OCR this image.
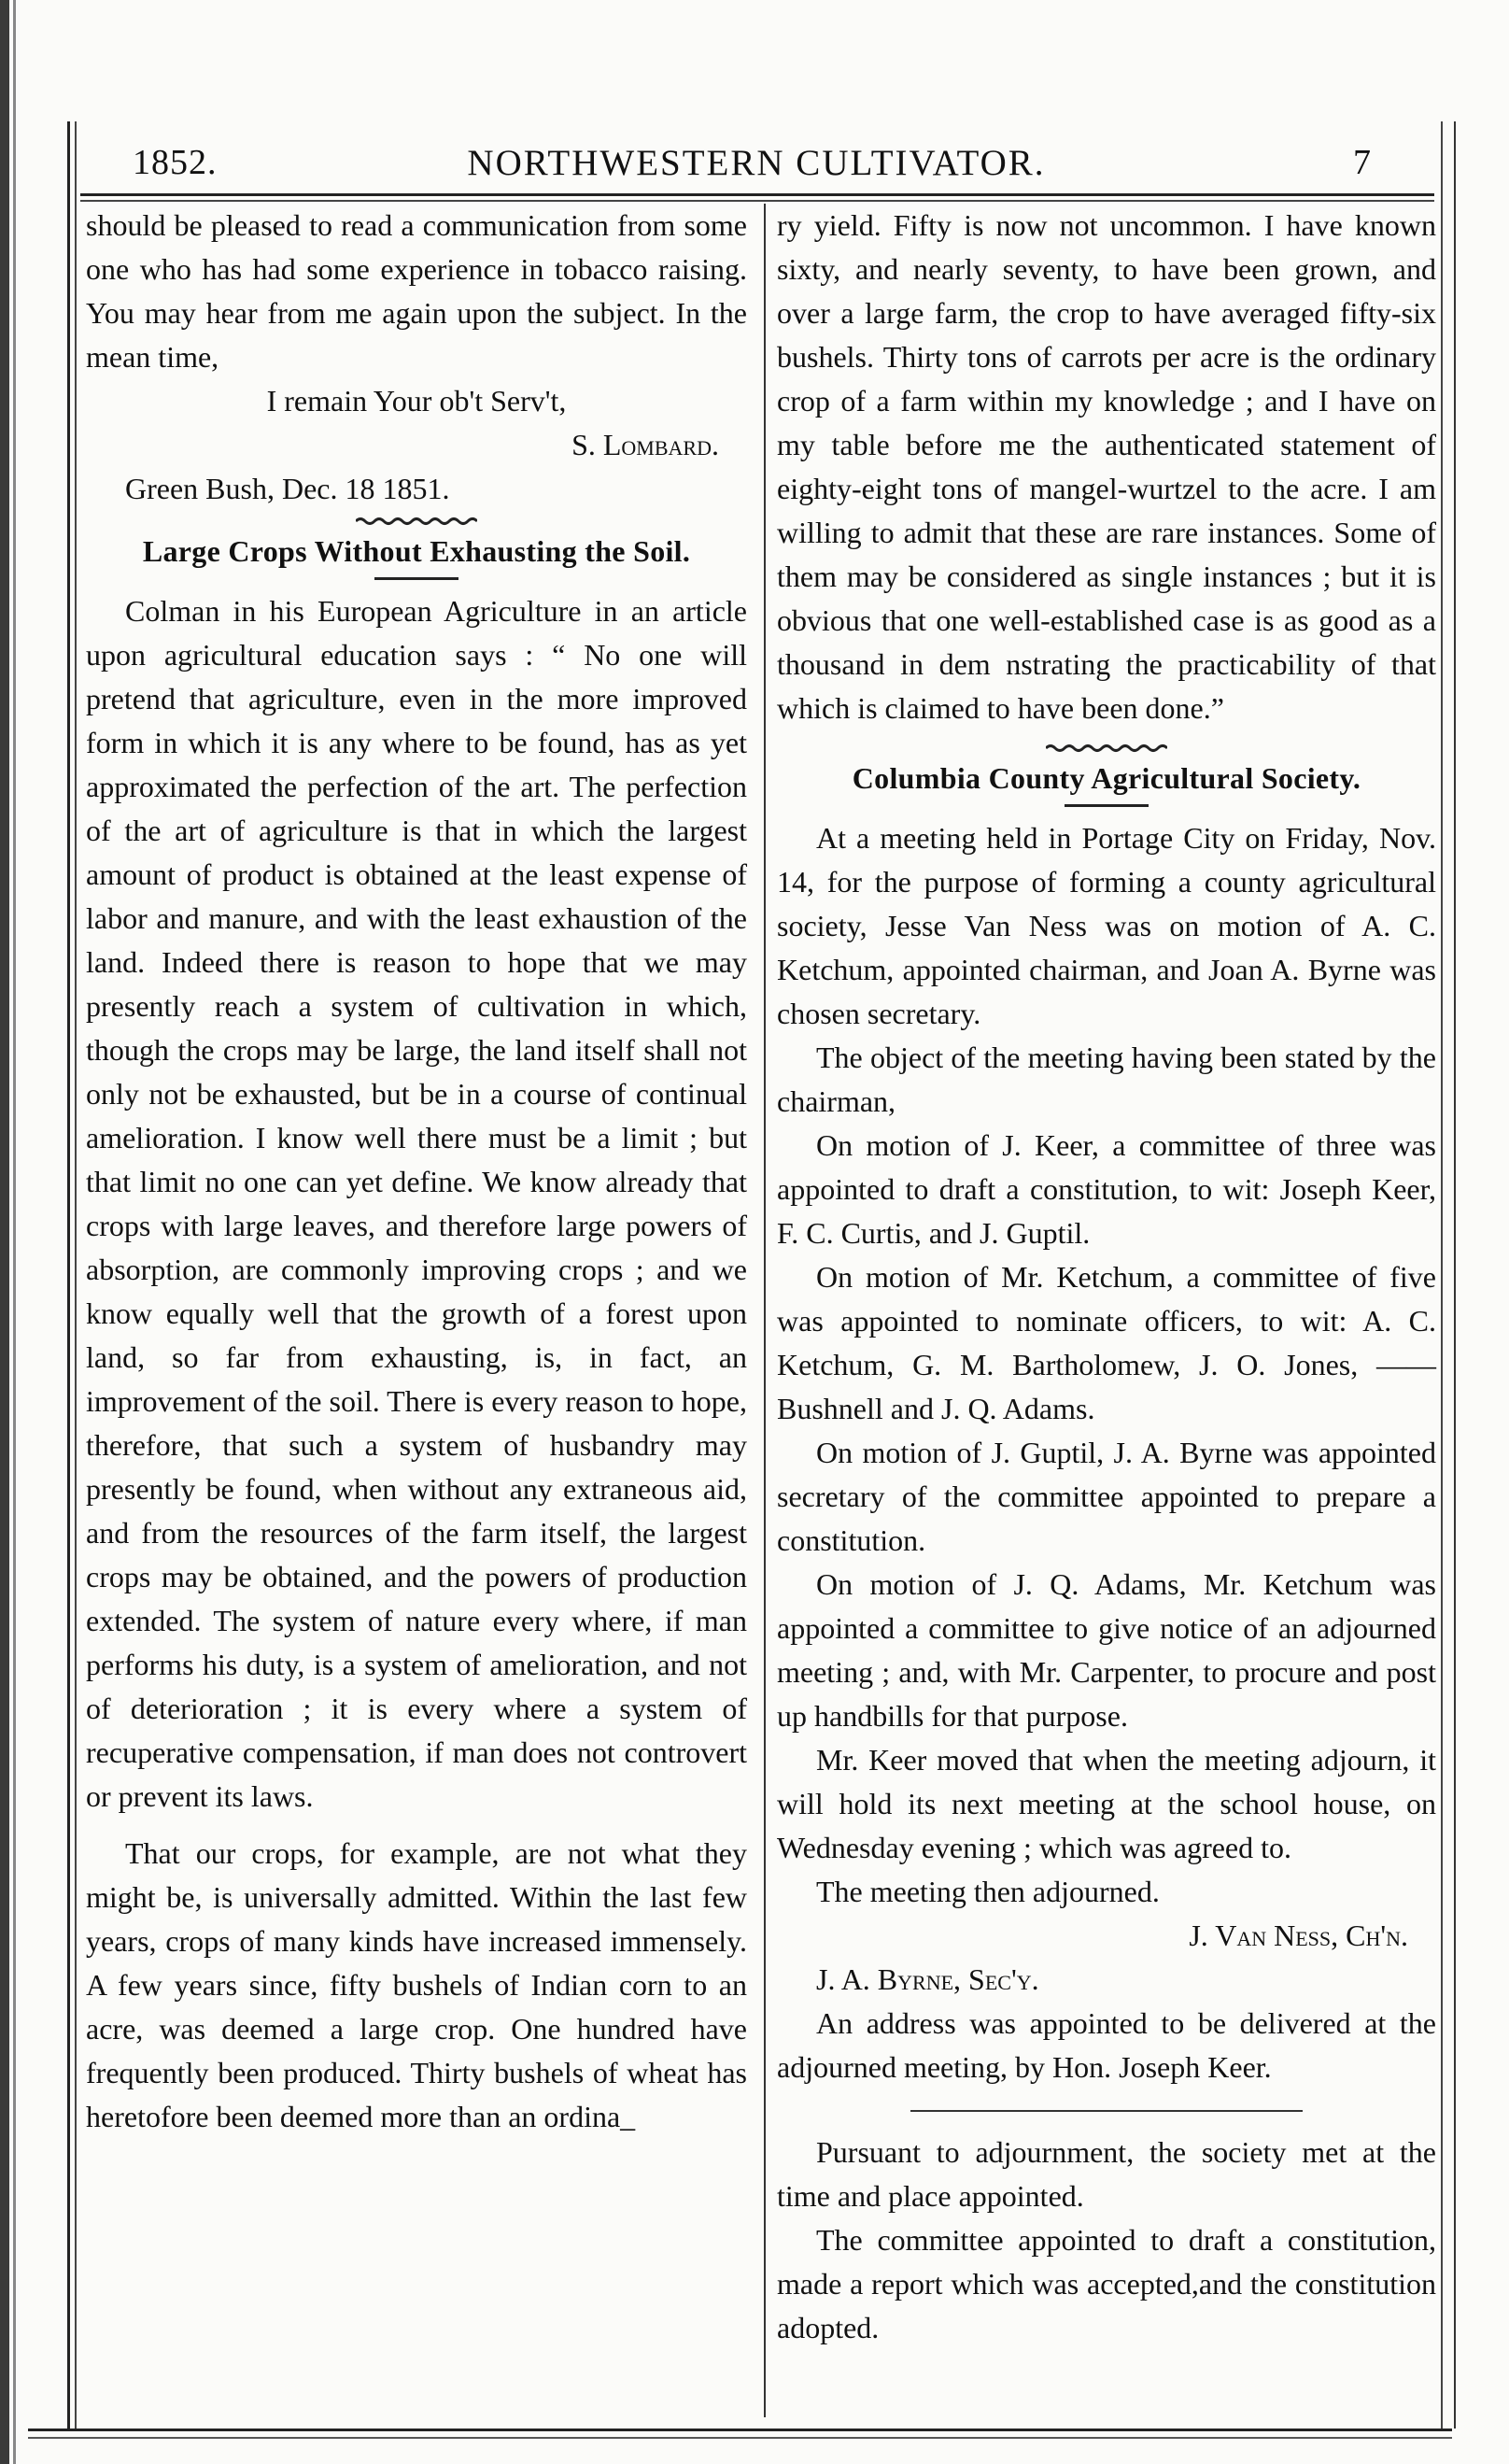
1852.	NORTHWESTERN CULTIVATOR.	7

should be pleased to read a communication from some one who has had some experience in tobacco raising. You may hear from me again upon the subject. In the mean time,

I remain Your ob't Serv't,

S. Lombard.

Green Bush, Dec. 18 1851.

Large Crops Without Exhausting the Soil.

Colman in his European Agriculture in an article upon agricultural education says : “ No one will pretend that agriculture, even in the more improved form in which it is any where to be found, has as yet approximated the perfection of the art. The perfection of the art of agriculture is that in which the largest amount of product is obtained at the least expense of labor and manure, and with the least exhaustion of the land. Indeed there is reason to hope that we may presently reach a system of cultivation in which, though the crops may be large, the land itself shall not only not be exhausted, but be in a course of continual amelioration. I know well there must be a limit ; but that limit no one can yet define. We know already that crops with large leaves, and therefore large powers of absorption, are commonly improving crops ; and we know equally well that the growth of a forest upon land, so far from exhausting, is, in fact, an improvement of the soil. There is every reason to hope, therefore, that such a system of husbandry may presently be found, when without any extraneous aid, and from the resources of the farm itself, the largest crops may be obtained, and the powers of production extended. The system of nature every where, if man performs his duty, is a system of amelioration, and not of deterioration ; it is every where a system of recuperative compensation, if man does not controvert or prevent its laws.

That our crops, for example, are not what they might be, is universally admitted. Within the last few years, crops of many kinds have increased immensely. A few years since, fifty bushels of Indian corn to an acre, was deemed a large crop. One hundred have frequently been produced. Thirty bushels of wheat has heretofore been deemed more than an ordina_

ry yield. Fifty is now not uncommon. I have known sixty, and nearly seventy, to have been grown, and over a large farm, the crop to have averaged fifty-six bushels. Thirty tons of carrots per acre is the ordinary crop of a farm within my knowledge ; and I have on my table before me the authenticated statement of eighty-eight tons of mangel-wurtzel to the acre. I am willing to admit that these are rare instances. Some of them may be considered as single instances ; but it is obvious that one well-established case is as good as a thousand in dem nstrating the practicability of that which is claimed to have been done.”

Columbia County Agricultural Society.

At a meeting held in Portage City on Friday, Nov. 14, for the purpose of forming a county agricultural society, Jesse Van Ness was on motion of A. C. Ketchum, appointed chairman, and Joan A. Byrne was chosen secretary.

The object of the meeting having been stated by the chairman,

On motion of J. Keer, a committee of three was appointed to draft a constitution, to wit: Joseph Keer, F. C. Curtis, and J. Guptil.

On motion of Mr. Ketchum, a committee of five was appointed to nominate officers, to wit: A. C. Ketchum, G. M. Bartholomew, J. O. Jones, —— Bushnell and J. Q. Adams.

On motion of J. Guptil, J. A. Byrne was appointed secretary of the committee appointed to prepare a constitution.

On motion of J. Q. Adams, Mr. Ketchum was appointed a committee to give notice of an adjourned meeting ; and, with Mr. Carpenter, to procure and post up handbills for that purpose.

Mr. Keer moved that when the meeting adjourn, it will hold its next meeting at the school house, on Wednesday evening ; which was agreed to.

The meeting then adjourned.

J. Van Ness, Ch'n.

J. A. Byrne, Sec'y.

An address was appointed to be delivered at the adjourned meeting, by Hon. Joseph Keer.

Pursuant to adjournment, the society met at the time and place appointed.

The committee appointed to draft a constitution, made a report which was accepted,and the constitution adopted.
